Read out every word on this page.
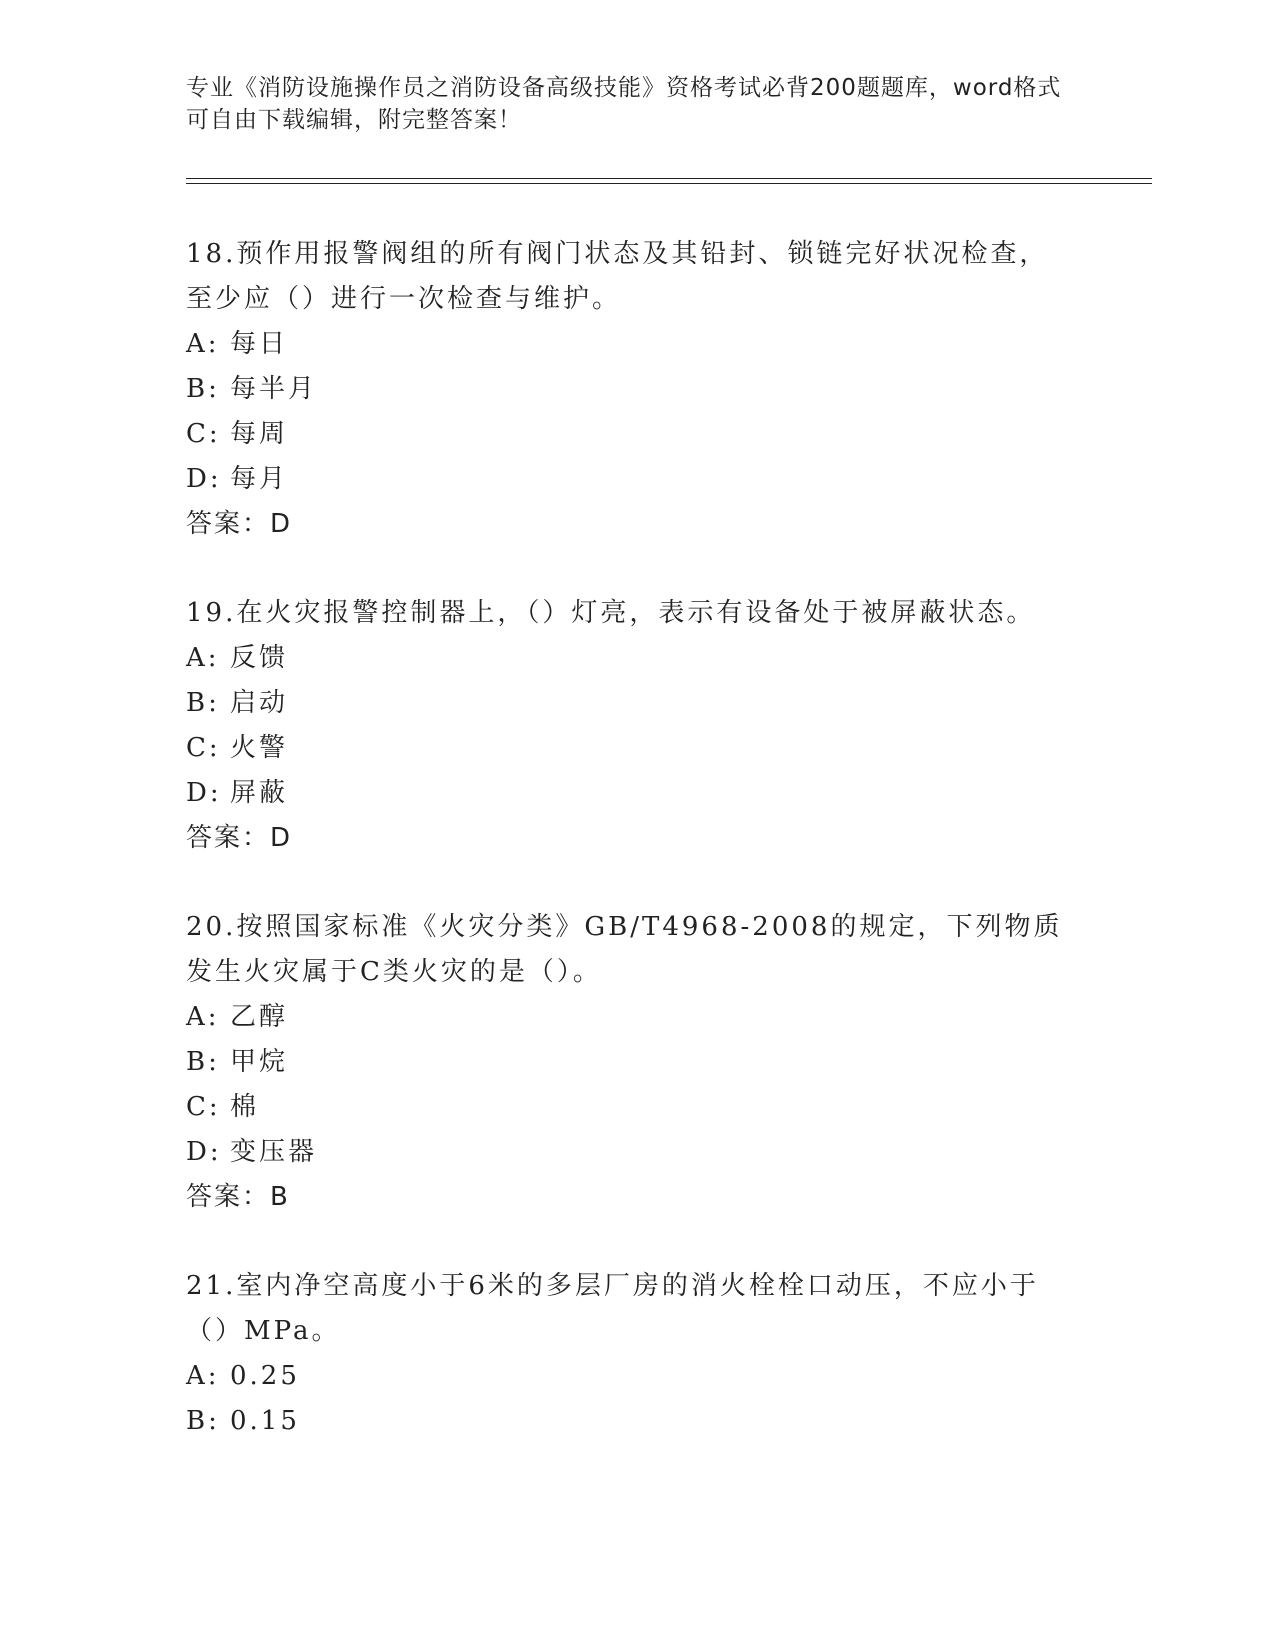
专业《消防设施操作员之消防设备高级技能》资格考试必背200题题库，word格式可自由下载编辑，附完整答案！
18.预作用报警阀组的所有阀门状态及其铅封、锁链完好状况检查，至少应（）进行一次检查与维护。
A: 每日
B: 每半月
C: 每周
D: 每月
答案：D
19.在火灾报警控制器上，（）灯亮，表示有设备处于被屏蔽状态。
A: 反馈
B: 启动
C: 火警
D: 屏蔽
答案：D
20.按照国家标准《火灾分类》GB/T4968-2008的规定，下列物质发生火灾属于C类火灾的是（）。
A: 乙醇
B: 甲烷
C: 棉
D: 变压器
答案：B
21.室内净空高度小于6米的多层厂房的消火栓栓口动压，不应小于（）MPa。
A: 0.25
B: 0.15
